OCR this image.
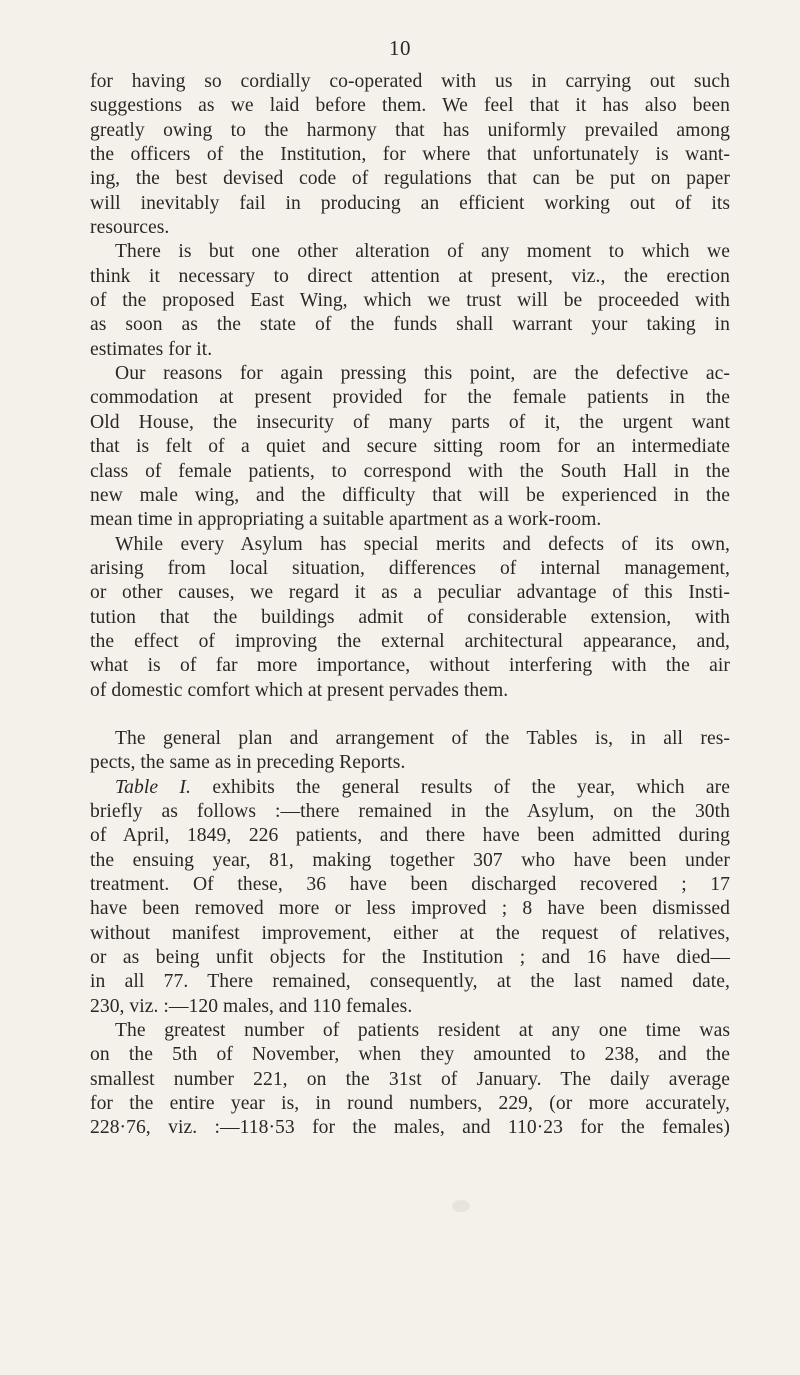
10
for having so cordially co-operated with us in carrying out such
suggestions as we laid before them. We feel that it has also been
greatly owing to the harmony that has uniformly prevailed among
the officers of the Institution, for where that unfortunately is want-
ing, the best devised code of regulations that can be put on paper
will inevitably fail in producing an efficient working out of its
resources.
There is but one other alteration of any moment to which we
think it necessary to direct attention at present, viz., the erection
of the proposed East Wing, which we trust will be proceeded with
as soon as the state of the funds shall warrant your taking in
estimates for it.
Our reasons for again pressing this point, are the defective ac-
commodation at present provided for the female patients in the
Old House, the insecurity of many parts of it, the urgent want
that is felt of a quiet and secure sitting room for an intermediate
class of female patients, to correspond with the South Hall in the
new male wing, and the difficulty that will be experienced in the
mean time in appropriating a suitable apartment as a work-room.
While every Asylum has special merits and defects of its own,
arising from local situation, differences of internal management,
or other causes, we regard it as a peculiar advantage of this Insti-
tution that the buildings admit of considerable extension, with
the effect of improving the external architectural appearance, and,
what is of far more importance, without interfering with the air
of domestic comfort which at present pervades them.
The general plan and arrangement of the Tables is, in all res-
pects, the same as in preceding Reports.
Table I. exhibits the general results of the year, which are
briefly as follows :—there remained in the Asylum, on the 30th
of April, 1849, 226 patients, and there have been admitted during
the ensuing year, 81, making together 307 who have been under
treatment. Of these, 36 have been discharged recovered ; 17
have been removed more or less improved ; 8 have been dismissed
without manifest improvement, either at the request of relatives,
or as being unfit objects for the Institution ; and 16 have died—
in all 77. There remained, consequently, at the last named date,
230, viz. :—120 males, and 110 females.
The greatest number of patients resident at any one time was
on the 5th of November, when they amounted to 238, and the
smallest number 221, on the 31st of January. The daily average
for the entire year is, in round numbers, 229, (or more accurately,
228·76, viz. :—118·53 for the males, and 110·23 for the females)
